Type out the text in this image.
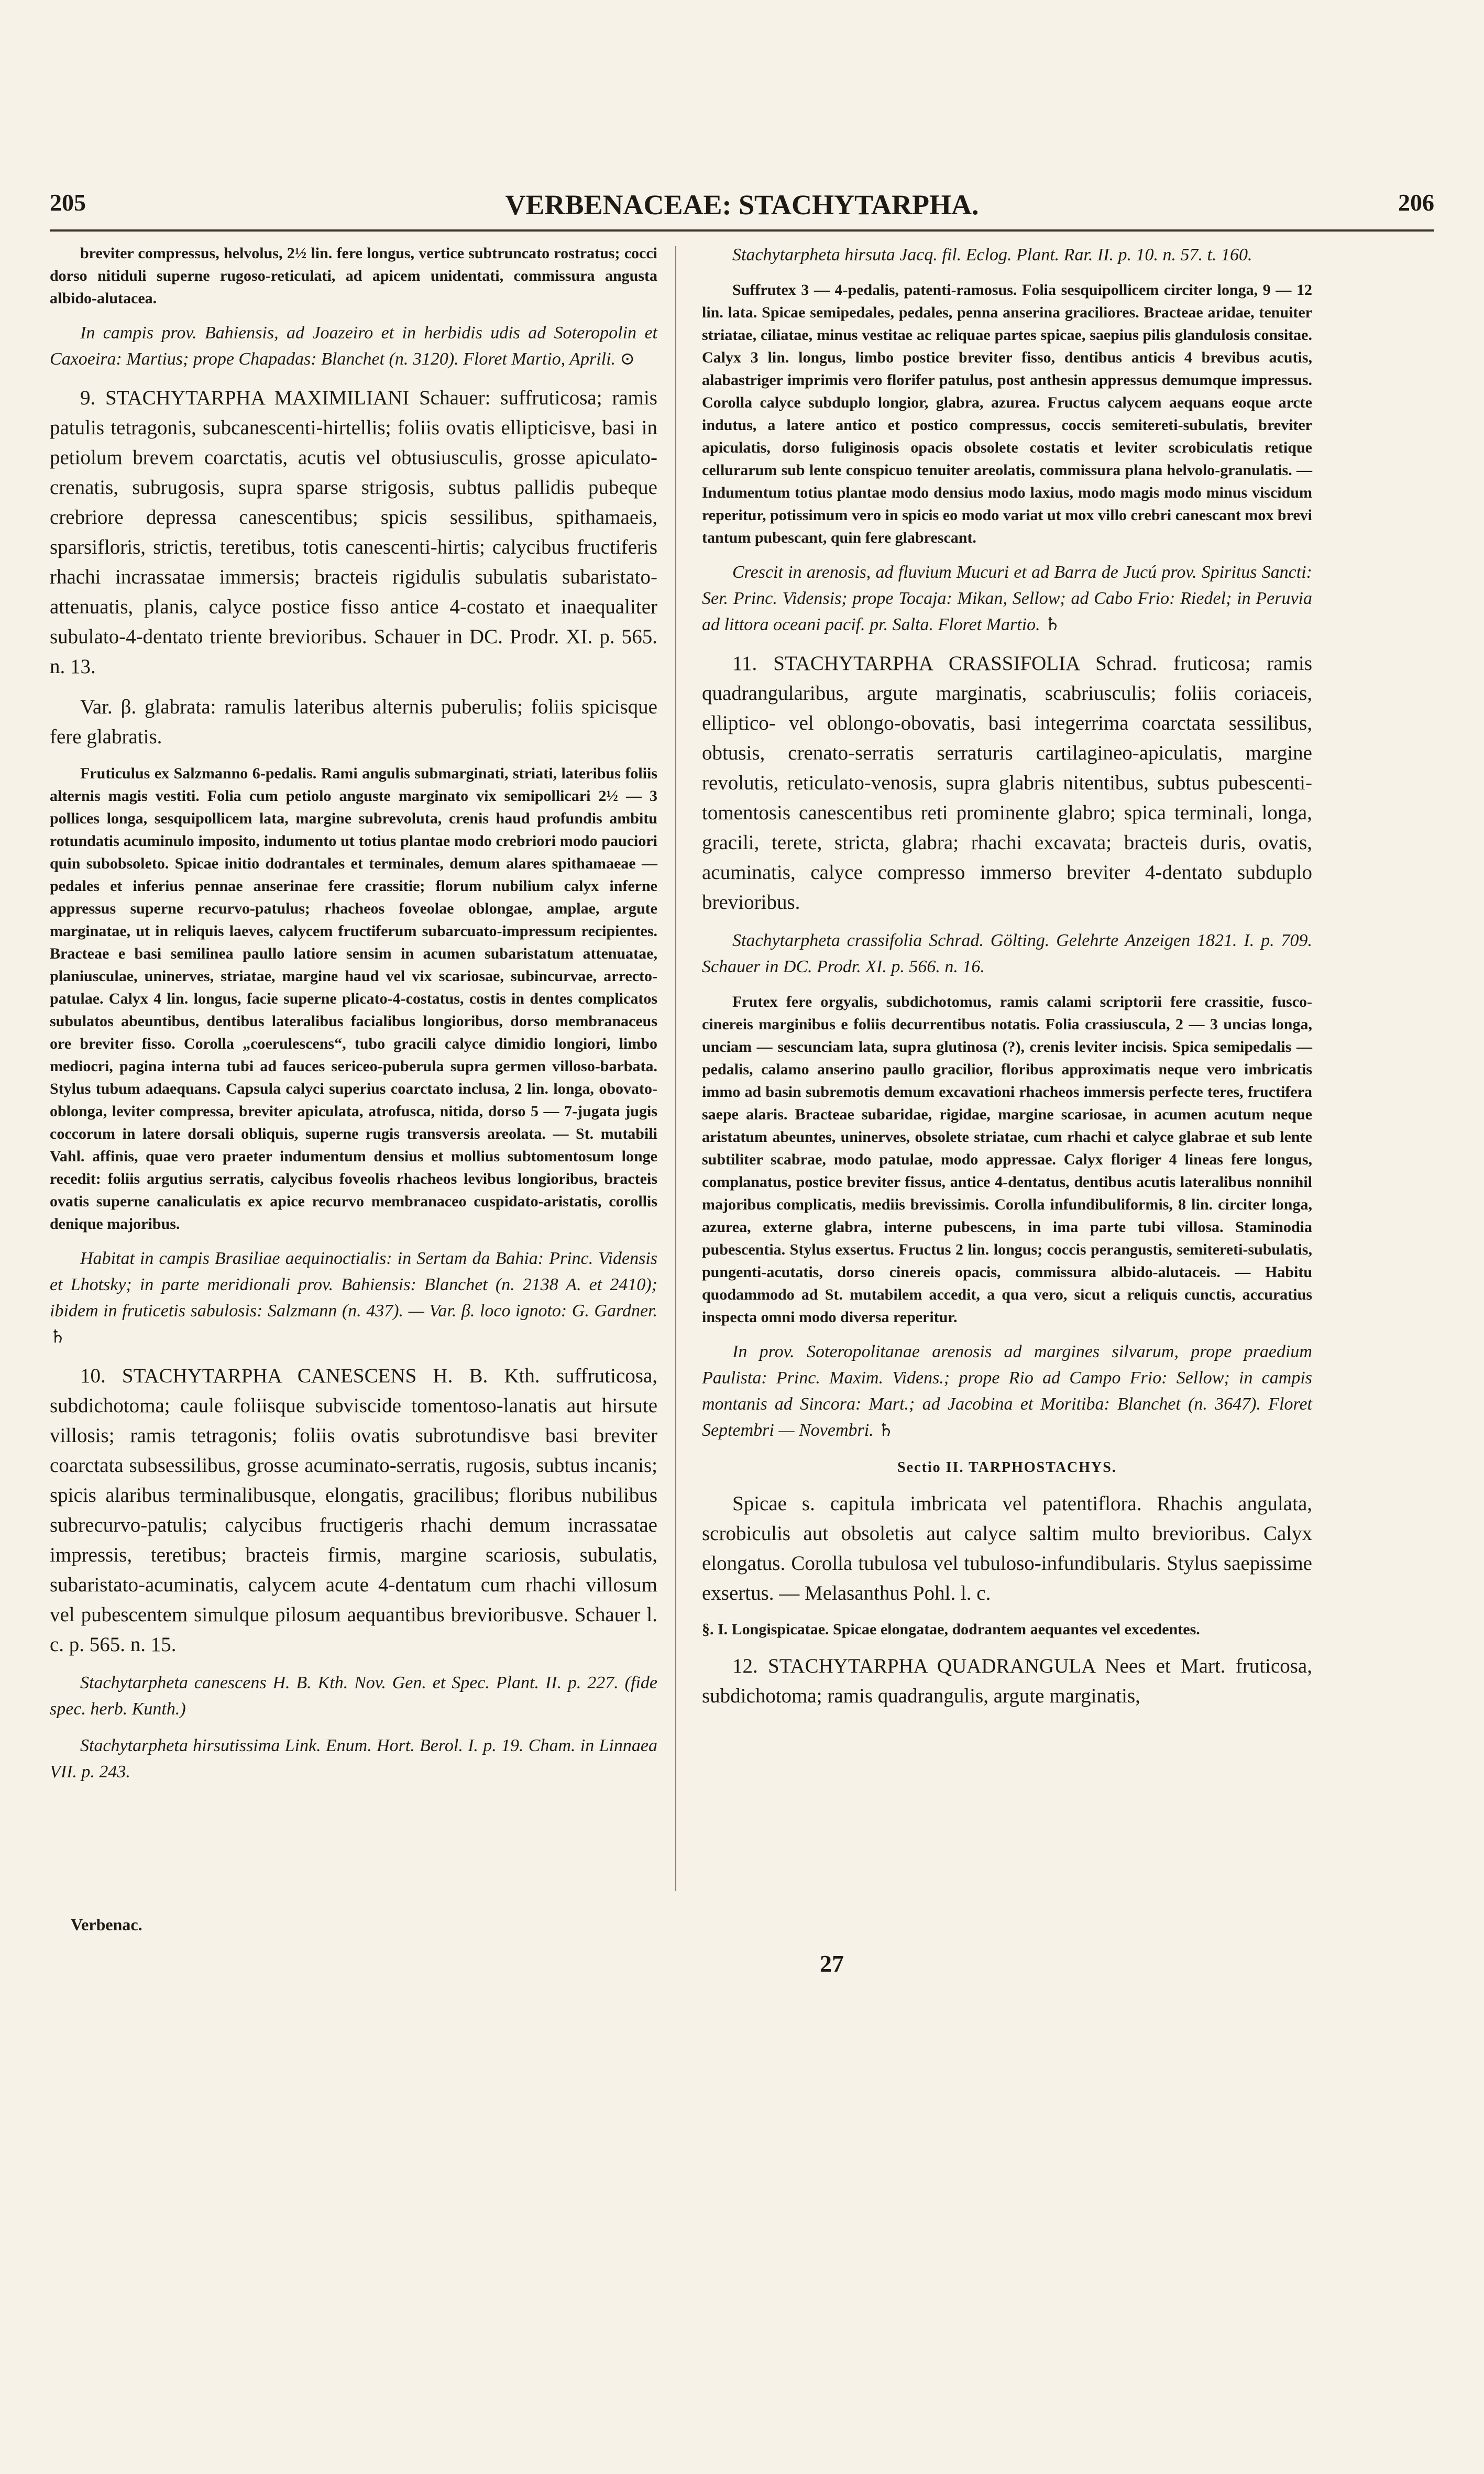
205	VERBENACEAE: STACHYTARPHA.	206

breviter compressus, helvolus, 2½ lin. fere longus, vertice subtruncato rostratus; cocci dorso nitiduli superne rugoso-reticulati, ad apicem unidentati, commissura angusta albido-alutacea.

In campis prov. Bahiensis, ad Joazeiro et in herbidis udis ad Soteropolin et Caxoeira: Martius; prope Chapadas: Blanchet (n. 3120). Floret Martio, Aprili. ⊙

9. STACHYTARPHA MAXIMILIANI Schauer: suffruticosa; ramis patulis tetragonis, subcanescenti-hirtellis; foliis ovatis ellipticisve, basi in petiolum brevem coarctatis, acutis vel obtusiusculis, grosse apiculato-crenatis, subrugosis, supra sparse strigosis, subtus pallidis pubeque crebriore depressa canescentibus; spicis sessilibus, spithamaeis, sparsifloris, strictis, teretibus, totis canescenti-hirtis; calycibus fructiferis rhachi incrassatae immersis; bracteis rigidulis subulatis subaristato-attenuatis, planis, calyce postice fisso antice 4-costato et inaequaliter subulato-4-dentato triente brevioribus. Schauer in DC. Prodr. XI. p. 565. n. 13.

Var. β. glabrata: ramulis lateribus alternis puberulis; foliis spicisque fere glabratis.

Fruticulus ex Salzmanno 6-pedalis. Rami angulis submarginati, striati, lateribus foliis alternis magis vestiti. Folia cum petiolo anguste marginato vix semipollicari 2½ — 3 pollices longa, sesquipollicem lata, margine subrevoluta, crenis haud profundis ambitu rotundatis acuminulo imposito, indumento ut totius plantae modo crebriori modo pauciori quin subobsoleto. Spicae initio dodrantales et terminales, demum alares spithamaeae — pedales et inferius pennae anserinae fere crassitie; florum nubilium calyx inferne appressus superne recurvo-patulus; rhacheos foveolae oblongae, amplae, argute marginatae, ut in reliquis laeves, calycem fructiferum subarcuato-impressum recipientes. Bracteae e basi semilinea paullo latiore sensim in acumen subaristatum attenuatae, planiusculae, uninerves, striatae, margine haud vel vix scariosae, subincurvae, arrecto-patulae. Calyx 4 lin. longus, facie superne plicato-4-costatus, costis in dentes complicatos subulatos abeuntibus, dentibus lateralibus facialibus longioribus, dorso membranaceus ore breviter fisso. Corolla „coerulescens“, tubo gracili calyce dimidio longiori, limbo mediocri, pagina interna tubi ad fauces sericeo-puberula supra germen villoso-barbata. Stylus tubum adaequans. Capsula calyci superius coarctato inclusa, 2 lin. longa, obovato-oblonga, leviter compressa, breviter apiculata, atrofusca, nitida, dorso 5 — 7-jugata jugis coccorum in latere dorsali obliquis, superne rugis transversis areolata. — St. mutabili Vahl. affinis, quae vero praeter indumentum densius et mollius subtomentosum longe recedit: foliis argutius serratis, calycibus foveolis rhacheos levibus longioribus, bracteis ovatis superne canaliculatis ex apice recurvo membranaceo cuspidato-aristatis, corollis denique majoribus.

Habitat in campis Brasiliae aequinoctialis: in Sertam da Bahia: Princ. Vidensis et Lhotsky; in parte meridionali prov. Bahiensis: Blanchet (n. 2138 A. et 2410); ibidem in fruticetis sabulosis: Salzmann (n. 437). — Var. β. loco ignoto: G. Gardner. ♄

10. STACHYTARPHA CANESCENS H. B. Kth. suffruticosa, subdichotoma; caule foliisque subviscide tomentoso-lanatis aut hirsute villosis; ramis tetragonis; foliis ovatis subrotundisve basi breviter coarctata subsessilibus, grosse acuminato-serratis, rugosis, subtus incanis; spicis alaribus terminalibusque, elongatis, gracilibus; floribus nubilibus subrecurvo-patulis; calycibus fructigeris rhachi demum incrassatae impressis, teretibus; bracteis firmis, margine scariosis, subulatis, subaristato-acuminatis, calycem acute 4-dentatum cum rhachi villosum vel pubescentem simulque pilosum aequantibus brevioribusve. Schauer l. c. p. 565. n. 15.

Stachytarpheta canescens H. B. Kth. Nov. Gen. et Spec. Plant. II. p. 227. (fide spec. herb. Kunth.)

Stachytarpheta hirsutissima Link. Enum. Hort. Berol. I. p. 19. Cham. in Linnaea VII. p. 243.

Stachytarpheta hirsuta Jacq. fil. Eclog. Plant. Rar. II. p. 10. n. 57. t. 160.

Suffrutex 3 — 4-pedalis, patenti-ramosus. Folia sesquipollicem circiter longa, 9 — 12 lin. lata. Spicae semipedales, pedales, penna anserina graciliores. Bracteae aridae, tenuiter striatae, ciliatae, minus vestitae ac reliquae partes spicae, saepius pilis glandulosis consitae. Calyx 3 lin. longus, limbo postice breviter fisso, dentibus anticis 4 brevibus acutis, alabastriger imprimis vero florifer patulus, post anthesin appressus demumque impressus. Corolla calyce subduplo longior, glabra, azurea. Fructus calycem aequans eoque arcte indutus, a latere antico et postico compressus, coccis semitereti-subulatis, breviter apiculatis, dorso fuliginosis opacis obsolete costatis et leviter scrobiculatis retique cellurarum sub lente conspicuo tenuiter areolatis, commissura plana helvolo-granulatis. — Indumentum totius plantae modo densius modo laxius, modo magis modo minus viscidum reperitur, potissimum vero in spicis eo modo variat ut mox villo crebri canescant mox brevi tantum pubescant, quin fere glabrescant.

Crescit in arenosis, ad fluvium Mucuri et ad Barra de Jucú prov. Spiritus Sancti: Ser. Princ. Vidensis; prope Tocaja: Mikan, Sellow; ad Cabo Frio: Riedel; in Peruvia ad littora oceani pacif. pr. Salta. Floret Martio. ♄

11. STACHYTARPHA CRASSIFOLIA Schrad. fruticosa; ramis quadrangularibus, argute marginatis, scabriusculis; foliis coriaceis, elliptico- vel oblongo-obovatis, basi integerrima coarctata sessilibus, obtusis, crenato-serratis serraturis cartilagineo-apiculatis, margine revolutis, reticulato-venosis, supra glabris nitentibus, subtus pubescenti-tomentosis canescentibus reti prominente glabro; spica terminali, longa, gracili, terete, stricta, glabra; rhachi excavata; bracteis duris, ovatis, acuminatis, calyce compresso immerso breviter 4-dentato subduplo brevioribus.

Stachytarpheta crassifolia Schrad. Gölting. Gelehrte Anzeigen 1821. I. p. 709. Schauer in DC. Prodr. XI. p. 566. n. 16.

Frutex fere orgyalis, subdichotomus, ramis calami scriptorii fere crassitie, fusco-cinereis marginibus e foliis decurrentibus notatis. Folia crassiuscula, 2 — 3 uncias longa, unciam — sescunciam lata, supra glutinosa (?), crenis leviter incisis. Spica semipedalis — pedalis, calamo anserino paullo gracilior, floribus approximatis neque vero imbricatis immo ad basin subremotis demum excavationi rhacheos immersis perfecte teres, fructifera saepe alaris. Bracteae subaridae, rigidae, margine scariosae, in acumen acutum neque aristatum abeuntes, uninerves, obsolete striatae, cum rhachi et calyce glabrae et sub lente subtiliter scabrae, modo patulae, modo appressae. Calyx floriger 4 lineas fere longus, complanatus, postice breviter fissus, antice 4-dentatus, dentibus acutis lateralibus nonnihil majoribus complicatis, mediis brevissimis. Corolla infundibuliformis, 8 lin. circiter longa, azurea, externe glabra, interne pubescens, in ima parte tubi villosa. Staminodia pubescentia. Stylus exsertus. Fructus 2 lin. longus; coccis perangustis, semitereti-subulatis, pungenti-acutatis, dorso cinereis opacis, commissura albido-alutaceis. — Habitu quodammodo ad St. mutabilem accedit, a qua vero, sicut a reliquis cunctis, accuratius inspecta omni modo diversa reperitur.

In prov. Soteropolitanae arenosis ad margines silvarum, prope praedium Paulista: Princ. Maxim. Videns.; prope Rio ad Campo Frio: Sellow; in campis montanis ad Sincora: Mart.; ad Jacobina et Moritiba: Blanchet (n. 3647). Floret Septembri — Novembri. ♄

Sectio II. TARPHOSTACHYS.

Spicae s. capitula imbricata vel patentiflora. Rhachis angulata, scrobiculis aut obsoletis aut calyce saltim multo brevioribus. Calyx elongatus. Corolla tubulosa vel tubuloso-infundibularis. Stylus saepissime exsertus. — Melasanthus Pohl. l. c.

§. I. Longispicatae. Spicae elongatae, dodrantem aequantes vel excedentes.

12. STACHYTARPHA QUADRANGULA Nees et Mart. fruticosa, subdichotoma; ramis quadrangulis, argute marginatis,

Verbenac.
27
